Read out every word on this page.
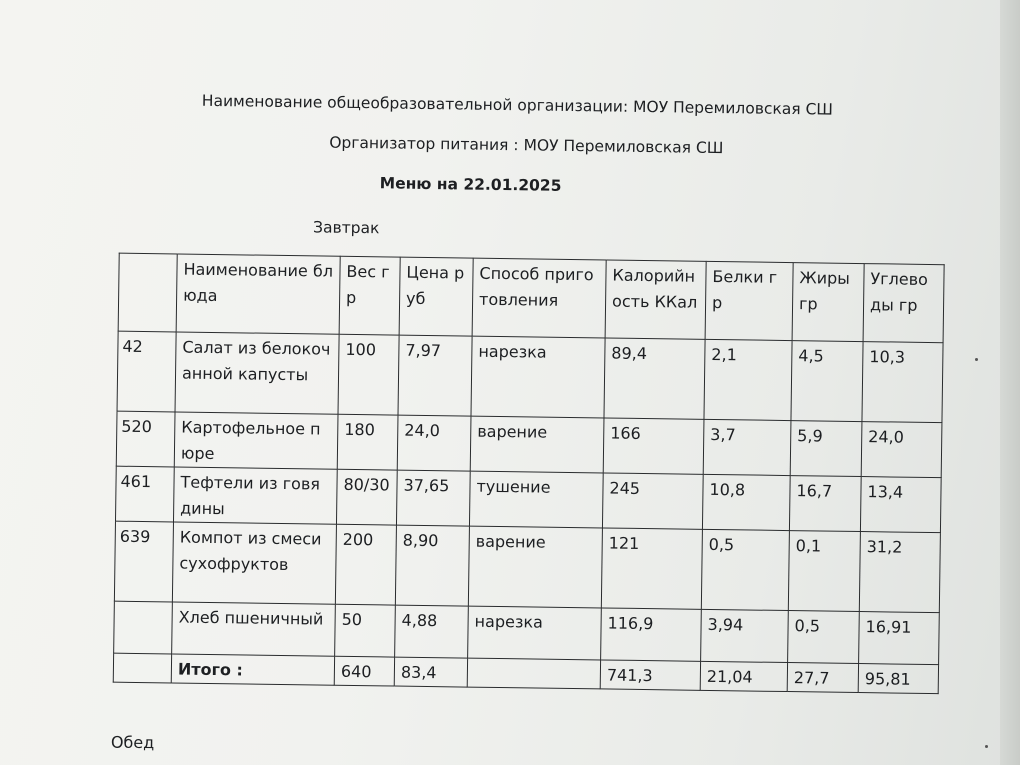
Наименование общеобразовательной организации: МОУ Перемиловская СШ
Организатор питания : МОУ Перемиловская СШ
Меню на 22.01.2025
Завтрак
	Наименование блюда	Вес гр	Цена руб	Способ приготовления	Калорийность ККал	Белки гр	Жиры гр	Углеводы гр
42	Салат из белокочанной капусты	100	7,97	нарезка	89,4	2,1	4,5	10,3
520	Картофельное пюре	180	24,0	варение	166	3,7	5,9	24,0
461	Тефтели из говядины	80/30	37,65	тушение	245	10,8	16,7	13,4
639	Компот из смеси сухофруктов	200	8,90	варение	121	0,5	0,1	31,2
	Хлеб пшеничный	50	4,88	нарезка	116,9	3,94	0,5	16,91
	Итого :	640	83,4		741,3	21,04	27,7	95,81
Обед
